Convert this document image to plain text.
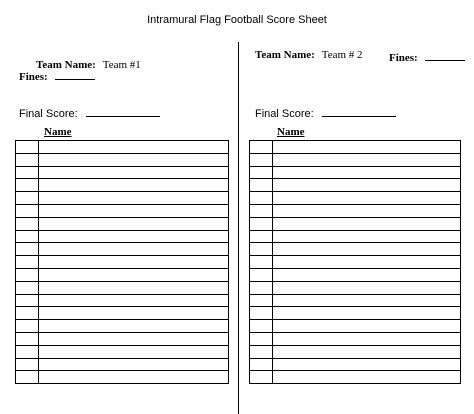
Intramural Flag Football Score Sheet
Team Name: Team #1
Fines:
Final Score:
Name

Team Name: Team # 2 Fines:
Final Score:
Name
